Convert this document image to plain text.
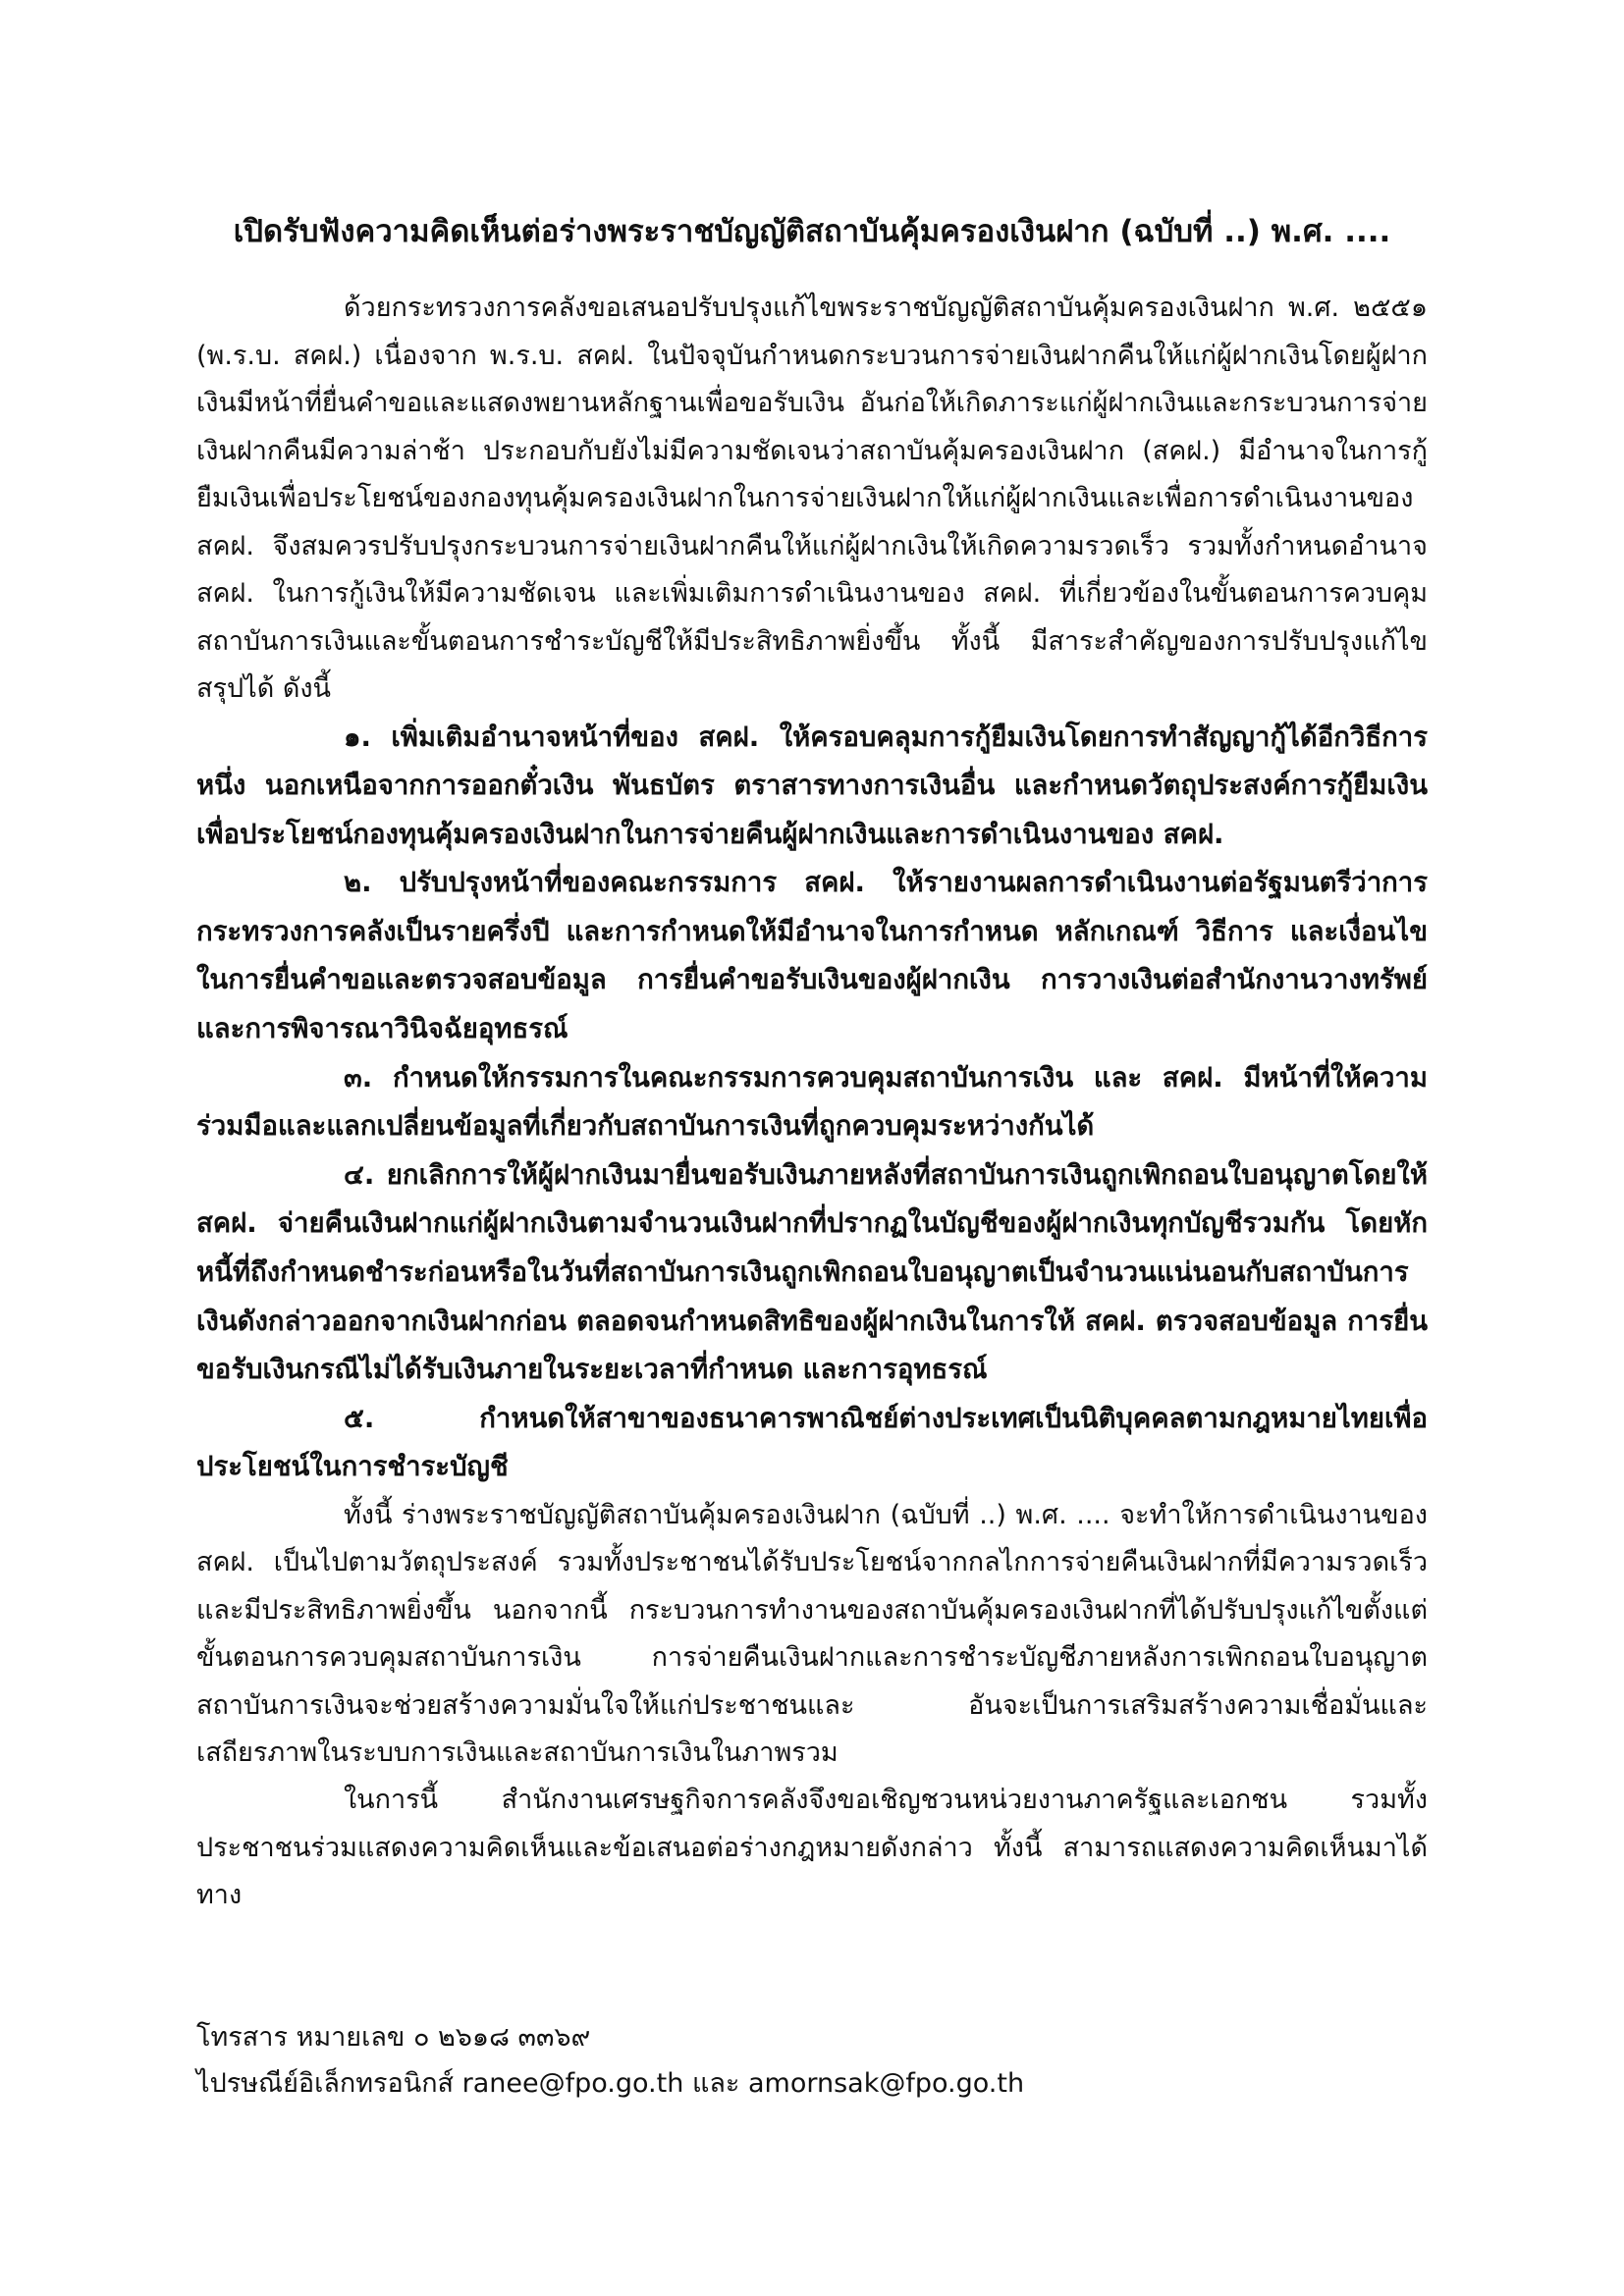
เปิดรับฟังความคิดเห็นต่อร่างพระราชบัญญัติสถาบันคุ้มครองเงินฝาก (ฉบับที่ ..) พ.ศ. ....

ด้วยกระทรวงการคลังขอเสนอปรับปรุงแก้ไขพระราชบัญญัติสถาบันคุ้มครองเงินฝาก พ.ศ. ๒๕๕๑ (พ.ร.บ. สคฝ.) เนื่องจาก พ.ร.บ. สคฝ. ในปัจจุบันกำหนดกระบวนการจ่ายเงินฝากคืนให้แก่ผู้ฝากเงินโดยผู้ฝากเงินมีหน้าที่ยื่นคำขอและแสดงพยานหลักฐานเพื่อขอรับเงิน อันก่อให้เกิดภาระแก่ผู้ฝากเงินและกระบวนการจ่ายเงินฝากคืนมีความล่าช้า ประกอบกับยังไม่มีความชัดเจนว่าสถาบันคุ้มครองเงินฝาก (สคฝ.) มีอำนาจในการกู้ยืมเงินเพื่อประโยชน์ของกองทุนคุ้มครองเงินฝากในการจ่ายเงินฝากให้แก่ผู้ฝากเงินและเพื่อการดำเนินงานของ สคฝ. จึงสมควรปรับปรุงกระบวนการจ่ายเงินฝากคืนให้แก่ผู้ฝากเงินให้เกิดความรวดเร็ว รวมทั้งกำหนดอำนาจ สคฝ. ในการกู้เงินให้มีความชัดเจน และเพิ่มเติมการดำเนินงานของ สคฝ. ที่เกี่ยวข้องในขั้นตอนการควบคุมสถาบันการเงินและขั้นตอนการชำระบัญชีให้มีประสิทธิภาพยิ่งขึ้น ทั้งนี้ มีสาระสำคัญของการปรับปรุงแก้ไข สรุปได้ ดังนี้

๑. เพิ่มเติมอำนาจหน้าที่ของ สคฝ. ให้ครอบคลุมการกู้ยืมเงินโดยการทำสัญญากู้ได้อีกวิธีการหนึ่ง นอกเหนือจากการออกตั๋วเงิน พันธบัตร ตราสารทางการเงินอื่น และกำหนดวัตถุประสงค์การกู้ยืมเงินเพื่อประโยชน์กองทุนคุ้มครองเงินฝากในการจ่ายคืนผู้ฝากเงินและการดำเนินงานของ สคฝ.

๒. ปรับปรุงหน้าที่ของคณะกรรมการ สคฝ. ให้รายงานผลการดำเนินงานต่อรัฐมนตรีว่าการกระทรวงการคลังเป็นรายครึ่งปี และการกำหนดให้มีอำนาจในการกำหนด หลักเกณฑ์ วิธีการ และเงื่อนไขในการยื่นคำขอและตรวจสอบข้อมูล การยื่นคำขอรับเงินของผู้ฝากเงิน การวางเงินต่อสำนักงานวางทรัพย์และการพิจารณาวินิจฉัยอุทธรณ์

๓. กำหนดให้กรรมการในคณะกรรมการควบคุมสถาบันการเงิน และ สคฝ. มีหน้าที่ให้ความร่วมมือและแลกเปลี่ยนข้อมูลที่เกี่ยวกับสถาบันการเงินที่ถูกควบคุมระหว่างกันได้

๔. ยกเลิกการให้ผู้ฝากเงินมายื่นขอรับเงินภายหลังที่สถาบันการเงินถูกเพิกถอนใบอนุญาตโดยให้ สคฝ. จ่ายคืนเงินฝากแก่ผู้ฝากเงินตามจำนวนเงินฝากที่ปรากฏในบัญชีของผู้ฝากเงินทุกบัญชีรวมกัน โดยหักหนี้ที่ถึงกำหนดชำระก่อนหรือในวันที่สถาบันการเงินถูกเพิกถอนใบอนุญาตเป็นจำนวนแน่นอนกับสถาบันการเงินดังกล่าวออกจากเงินฝากก่อน ตลอดจนกำหนดสิทธิของผู้ฝากเงินในการให้ สคฝ. ตรวจสอบข้อมูล การยื่นขอรับเงินกรณีไม่ได้รับเงินภายในระยะเวลาที่กำหนด และการอุทธรณ์

๕. กำหนดให้สาขาของธนาคารพาณิชย์ต่างประเทศเป็นนิติบุคคลตามกฎหมายไทยเพื่อประโยชน์ในการชำระบัญชี

ทั้งนี้ ร่างพระราชบัญญัติสถาบันคุ้มครองเงินฝาก (ฉบับที่ ..) พ.ศ. .... จะทำให้การดำเนินงานของ สคฝ. เป็นไปตามวัตถุประสงค์ รวมทั้งประชาชนได้รับประโยชน์จากกลไกการจ่ายคืนเงินฝากที่มีความรวดเร็วและมีประสิทธิภาพยิ่งขึ้น นอกจากนี้ กระบวนการทำงานของสถาบันคุ้มครองเงินฝากที่ได้ปรับปรุงแก้ไขตั้งแต่ขั้นตอนการควบคุมสถาบันการเงิน การจ่ายคืนเงินฝากและการชำระบัญชีภายหลังการเพิกถอนใบอนุญาตสถาบันการเงินจะช่วยสร้างความมั่นใจให้แก่ประชาชนและ อันจะเป็นการเสริมสร้างความเชื่อมั่นและเสถียรภาพในระบบการเงินและสถาบันการเงินในภาพรวม

ในการนี้ สำนักงานเศรษฐกิจการคลังจึงขอเชิญชวนหน่วยงานภาครัฐและเอกชน รวมทั้งประชาชนร่วมแสดงความคิดเห็นและข้อเสนอต่อร่างกฎหมายดังกล่าว ทั้งนี้ สามารถแสดงความคิดเห็นมาได้ทาง

โทรสาร หมายเลข ๐ ๒๖๑๘ ๓๓๖๙
ไปรษณีย์อิเล็กทรอนิกส์ ranee@fpo.go.th และ amornsak@fpo.go.th
